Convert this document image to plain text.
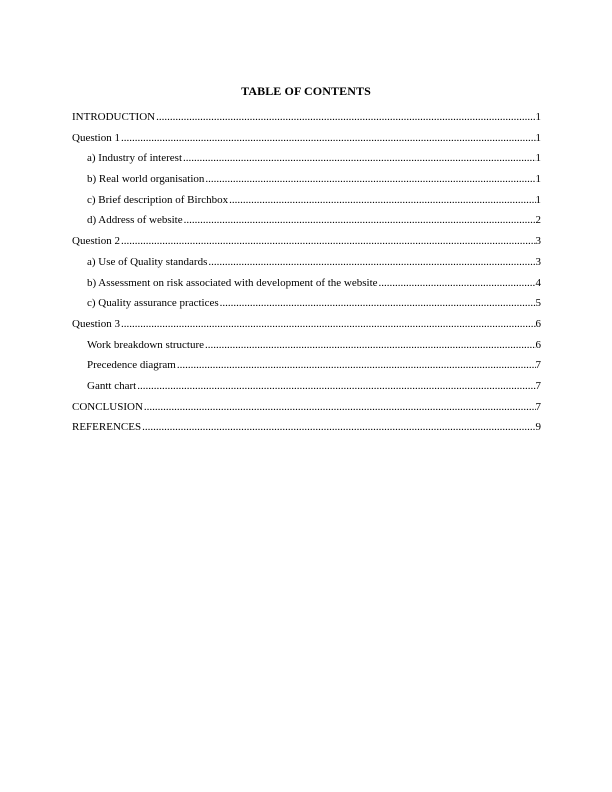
TABLE OF CONTENTS
INTRODUCTION .....	1
Question 1 .....	1
a) Industry of interest .....	1
b) Real world organisation .....	1
c) Brief description of Birchbox .....	1
d) Address of website .....	2
Question 2 .....	3
a) Use of Quality standards .....	3
b) Assessment on risk associated with development of the website .....	4
c) Quality assurance practices .....	5
Question 3 .....	6
Work breakdown structure .....	6
Precedence diagram .....	7
Gantt chart .....	7
CONCLUSION .....	7
REFERENCES .....	9
